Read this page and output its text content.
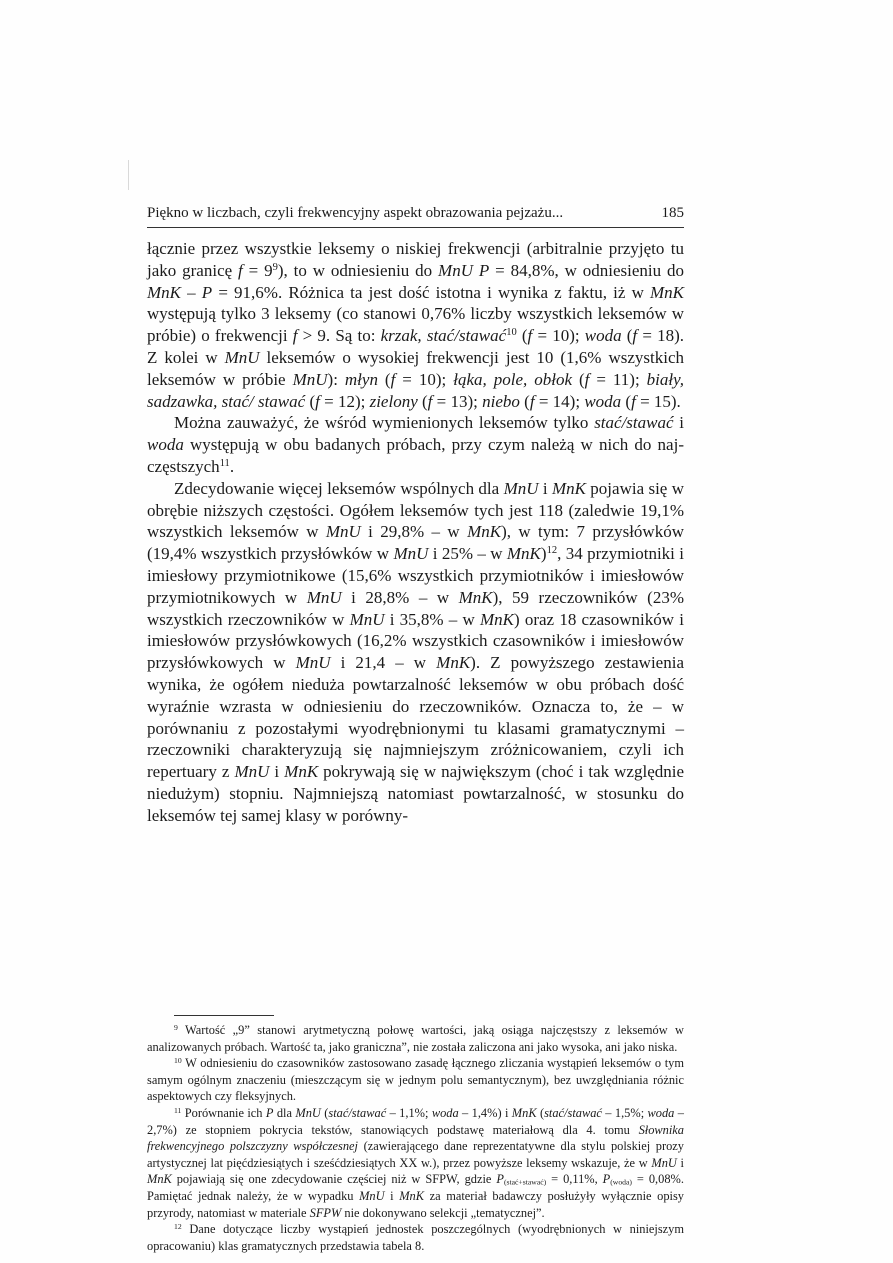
Piękno w liczbach, czyli frekwencyjny aspekt obrazowania pejzażu...	185

łącznie przez wszystkie leksemy o niskiej frekwencji (arbitralnie przyjęto tu jako granicę $f = 9^9$), to w odniesieniu do MnU P = 84,8%, w odniesieniu do MnK – P = 91,6%. Różnica ta jest dość istotna i wynika z faktu, iż w MnK występują tylko 3 leksemy (co stanowi 0,76% liczby wszystkich leksemów w próbie) o frekwencji f > 9. Są to: krzak, stać/stawać$^{10}$ (f = 10); woda (f = 18). Z kolei w MnU leksemów o wysokiej frekwencji jest 10 (1,6% wszystkich leksemów w próbie MnU): młyn (f = 10); łąka, pole, obłok (f = 11); biały, sadzawka, stać/ stawać (f = 12); zielony (f = 13); niebo (f = 14); woda (f = 15).

Można zauważyć, że wśród wymienionych leksemów tylko stać/stawać i woda występują w obu badanych próbach, przy czym należą w nich do najczęstszych$^{11}$.

Zdecydowanie więcej leksemów wspólnych dla MnU i MnK pojawia się w obrębie niższych częstości. Ogółem leksemów tych jest 118 (zaledwie 19,1% wszystkich leksemów w MnU i 29,8% – w MnK), w tym: 7 przysłówków (19,4% wszystkich przysłówków w MnU i 25% – w MnK)$^{12}$, 34 przymiotniki i imiesłowy przymiotnikowe (15,6% wszystkich przymiotników i imiesłowów przymiotnikowych w MnU i 28,8% – w MnK), 59 rzeczowników (23% wszystkich rzeczowników w MnU i 35,8% – w MnK) oraz 18 czasowników i imiesłowów przysłówkowych (16,2% wszystkich czasowników i imiesłowów przysłówkowych w MnU i 21,4 – w MnK). Z powyższego zestawienia wynika, że ogółem nieduża powtarzalność leksemów w obu próbach dość wyraźnie wzrasta w odniesieniu do rzeczowników. Oznacza to, że – w porównaniu z pozostałymi wyodrębnionymi tu klasami gramatycznymi – rzeczowniki charakteryzują się najmniejszym zróżnicowaniem, czyli ich repertuary z MnU i MnK pokrywają się w największym (choć i tak względnie niedużym) stopniu. Najmniejszą natomiast powtarzalność, w stosunku do leksemów tej samej klasy w porówny-

$^9$ Wartość „9” stanowi arytmetyczną połowę wartości, jaką osiąga najczęstszy z leksemów w analizowanych próbach. Wartość ta, jako graniczna”, nie została zaliczona ani jako wysoka, ani jako niska.

$^{10}$ W odniesieniu do czasowników zastosowano zasadę łącznego zliczania wystąpień leksemów o tym samym ogólnym znaczeniu (mieszczącym się w jednym polu semantycznym), bez uwzględniania różnic aspektowych czy fleksyjnych.

$^{11}$ Porównanie ich P dla MnU (stać/stawać – 1,1%; woda – 1,4%) i MnK (stać/stawać – 1,5%; woda – 2,7%) ze stopniem pokrycia tekstów, stanowiących podstawę materiałową dla 4. tomu Słownika frekwencyjnego polszczyzny współczesnej (zawierającego dane reprezentatywne dla stylu polskiej prozy artystycznej lat pięćdziesiątych i sześćdziesiątych XX w.), przez powyższe leksemy wskazuje, że w MnU i MnK pojawiają się one zdecydowanie częściej niż w SFPW, gdzie $P_{(stać+stawać)} = 0,11\%$, $P_{(woda)} = 0,08\%$. Pamiętać jednak należy, że w wypadku MnU i MnK za materiał badawczy posłużyły wyłącznie opisy przyrody, natomiast w materiale SFPW nie dokonywano selekcji „tematycznej”.

$^{12}$ Dane dotyczące liczby wystąpień jednostek poszczególnych (wyodrębnionych w niniejszym opracowaniu) klas gramatycznych przedstawia tabela 8.
